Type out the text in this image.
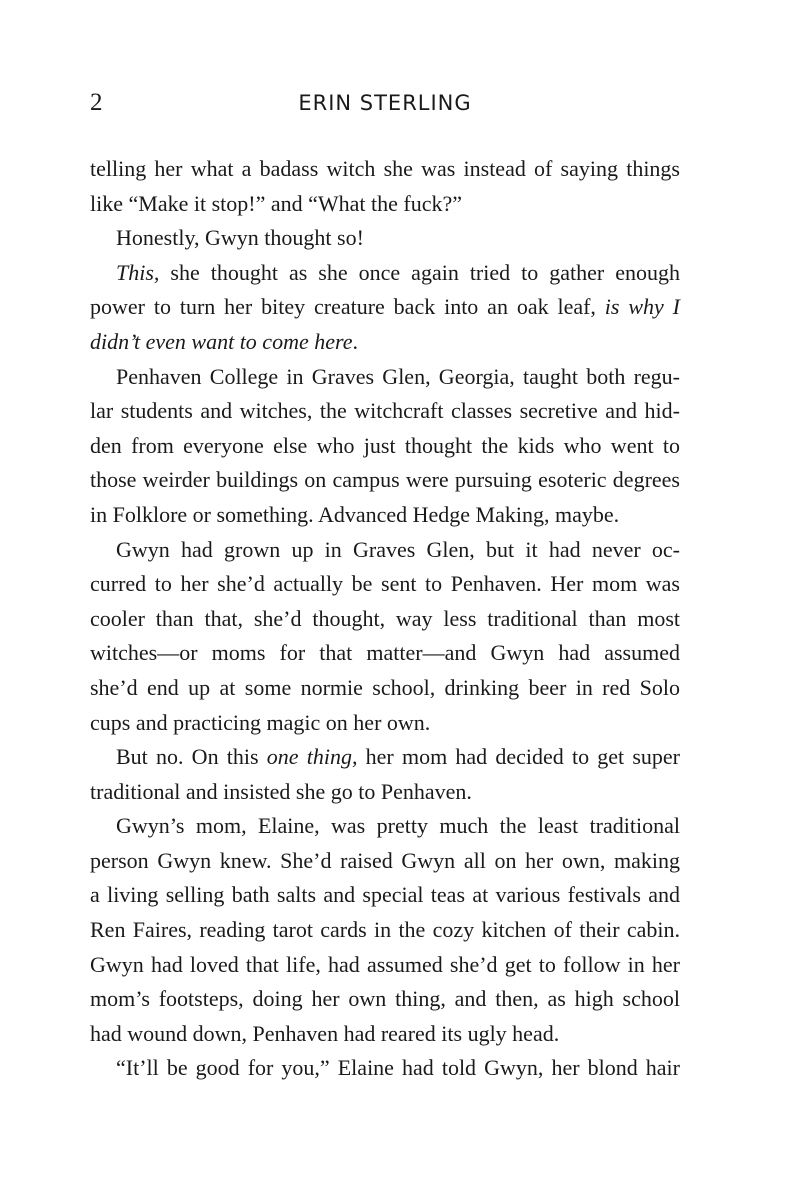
2	ERIN STERLING
telling her what a badass witch she was instead of saying things
like “Make it stop!” and “What the fuck?”
Honestly, Gwyn thought so!
This, she thought as she once again tried to gather enough
power to turn her bitey creature back into an oak leaf, is why I
didn’t even want to come here.
Penhaven College in Graves Glen, Georgia, taught both regu-
lar students and witches, the witchcraft classes secretive and hid-
den from everyone else who just thought the kids who went to
those weirder buildings on campus were pursuing esoteric degrees
in Folklore or something. Advanced Hedge Making, maybe.
Gwyn had grown up in Graves Glen, but it had never oc-
curred to her she’d actually be sent to Penhaven. Her mom was
cooler than that, she’d thought, way less traditional than most
witches—or moms for that matter—and Gwyn had assumed
she’d end up at some normie school, drinking beer in red Solo
cups and practicing magic on her own.
But no. On this one thing, her mom had decided to get super
traditional and insisted she go to Penhaven.
Gwyn’s mom, Elaine, was pretty much the least traditional
person Gwyn knew. She’d raised Gwyn all on her own, making
a living selling bath salts and special teas at various festivals and
Ren Faires, reading tarot cards in the cozy kitchen of their cabin.
Gwyn had loved that life, had assumed she’d get to follow in her
mom’s footsteps, doing her own thing, and then, as high school
had wound down, Penhaven had reared its ugly head.
“It’ll be good for you,” Elaine had told Gwyn, her blond hair
